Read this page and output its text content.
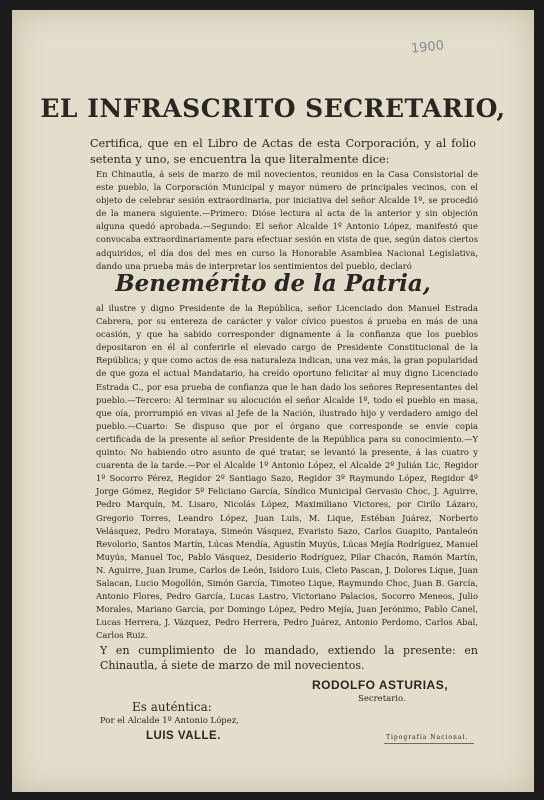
1900
EL INFRASCRITO SECRETARIO,
Certifica, que en el Libro de Actas de esta Corporación, y al folio setenta y uno, se encuentra la que literalmente dice:
En Chinautla, á seis de marzo de mil novecientos, reunidos en la Casa Consistorial de este pueblo, la Corporación Municipal y mayor número de principales vecinos, con el objeto de celebrar sesión extraordinaria, por iniciativa del señor Alcalde 1º, se procedió de la manera siguiente.—Primero: Dióse lectura al acta de la anterior y sin objeción alguna quedó aprobada.—Segundo: El señor Alcalde 1º Antonio López, manifestó que convocaba extraordinariamente para efectuar sesión en vista de que, según datos ciertos adquiridos, el día dos del mes en curso la Honorable Asamblea Nacional Legislativa, dando una prueba más de interpretar los sentimientos del pueblo, declaró
Benemérito de la Patria,
al ilustre y digno Presidente de la República, señor Licenciado don Manuel Estrada Cabrera, por su entereza de carácter y valor cívico puestos á prueba en más de una ocasión, y que ha sabido corresponder dignamente á la confianza que los pueblos depositaron en él al conferirle el elevado cargo de Presidente Constitucional de la República; y que como actos de esa naturaleza indican, una vez más, la gran popularidad de que goza el actual Mandatario, ha creído oportuno felicitar al muy digno Licenciado Estrada C., por esa prueba de confianza que le han dado los señores Representantes del pueblo.—Tercero: Al terminar su alocución el señor Alcalde 1º, todo el pueblo en masa, que oía, prorrumpió en vivas al Jefe de la Nación, ilustrado hijo y verdadero amigo del pueblo.—Cuarto: Se dispuso que por el órgano que corresponde se envíe copia certificada de la presente al señor Presidente de la República para su conocimiento.—Y quinto: No habiendo otro asunto de qué tratar, se levantó la presente, á las cuatro y cuarenta de la tarde.—Por el Alcalde 1º Antonio López, el Alcalde 2º Julián Lic, Regidor 1º Socorro Pérez, Regidor 2º Santiago Sazo, Regidor 3º Raymundo López, Regidor 4º Jorge Gómez, Regidor 5º Feliciano García, Síndico Municipal Gervasio Choc, J. Aguirre, Pedro Marquín, M. Lisaro, Nicolás López, Maximiliano Victores, por Cirilo Lázaro, Gregorio Torres, Leandro López, Juan Luis, M. Lique, Estéban Juárez, Norberto Velásquez, Pedro Morataya, Simeón Vásquez, Evaristo Sazo, Carlos Guapito, Pantaleón Revolorio, Santos Martín, Lúcas Mendía, Agustín Muyús, Lúcas Mejía Rodríguez, Manuel Muyús, Manuel Toc, Pablo Vásquez, Desiderio Rodríguez, Pilar Chacón, Ramón Martín, N. Aguirre, Juan Irume, Carlos de León, Isidoro Luis, Cleto Pascan, J. Dolores Lique, Juan Salacan, Lucio Mogollón, Simón García, Timoteo Lique, Raymundo Choc, Juan B. García, Antonio Flores, Pedro García, Lucas Lastro, Victoriano Palacios, Socorro Meneos, Julio Morales, Mariano García, por Domingo López, Pedro Mejía, Juan Jerónimo, Pablo Canel, Lucas Herrera, J. Vázquez, Pedro Herrera, Pedro Juárez, Antonio Perdomo, Carlos Abal, Carlos Ruiz.
Y en cumplimiento de lo mandado, extiendo la presente: en Chinautla, á siete de marzo de mil novecientos.
RODOLFO ASTURIAS,
Secretario.
Es auténtica:
Por el Alcalde 1º Antonio López,
LUIS VALLE.	Tipografía Nacional.
